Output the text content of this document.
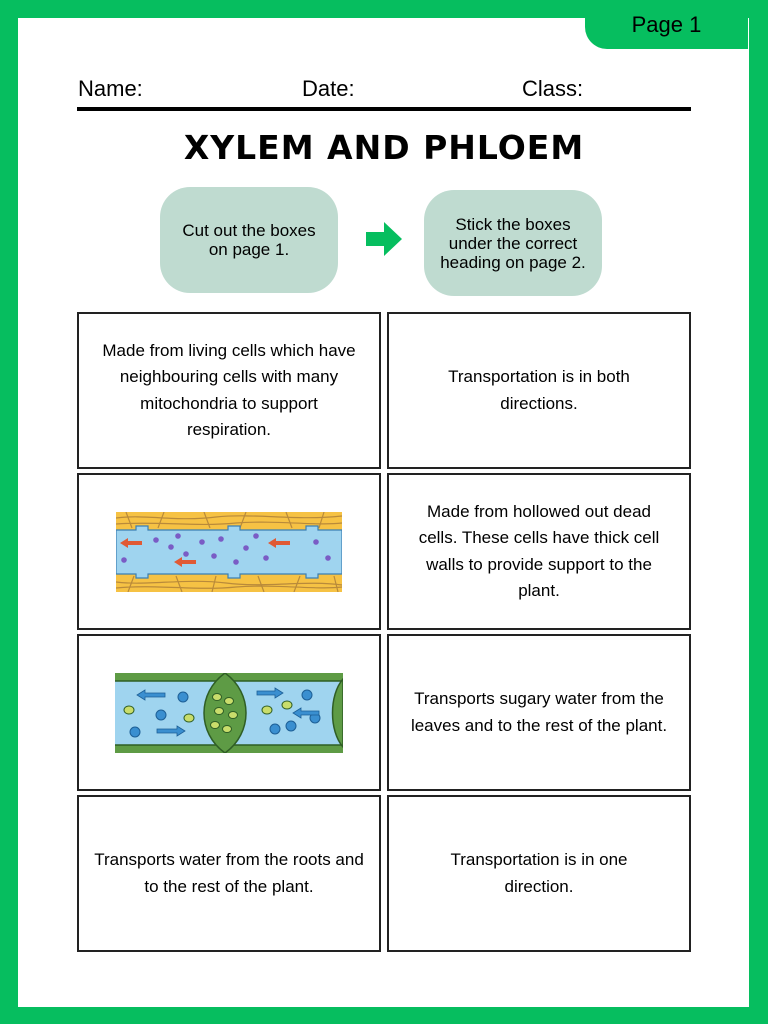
Page 1
Name:	Date:	Class:
XYLEM AND PHLOEM
Cut out the boxes on page 1.
Stick the boxes under the correct heading on page 2.
Made from living cells which have neighbouring cells with many mitochondria to support respiration.
Transportation is in both directions.
Made from hollowed out dead cells. These cells have thick cell walls to provide support to the plant.
Transports sugary water from the leaves and to the rest of the plant.
Transports water from the roots and to the rest of the plant.
Transportation is in one direction.
